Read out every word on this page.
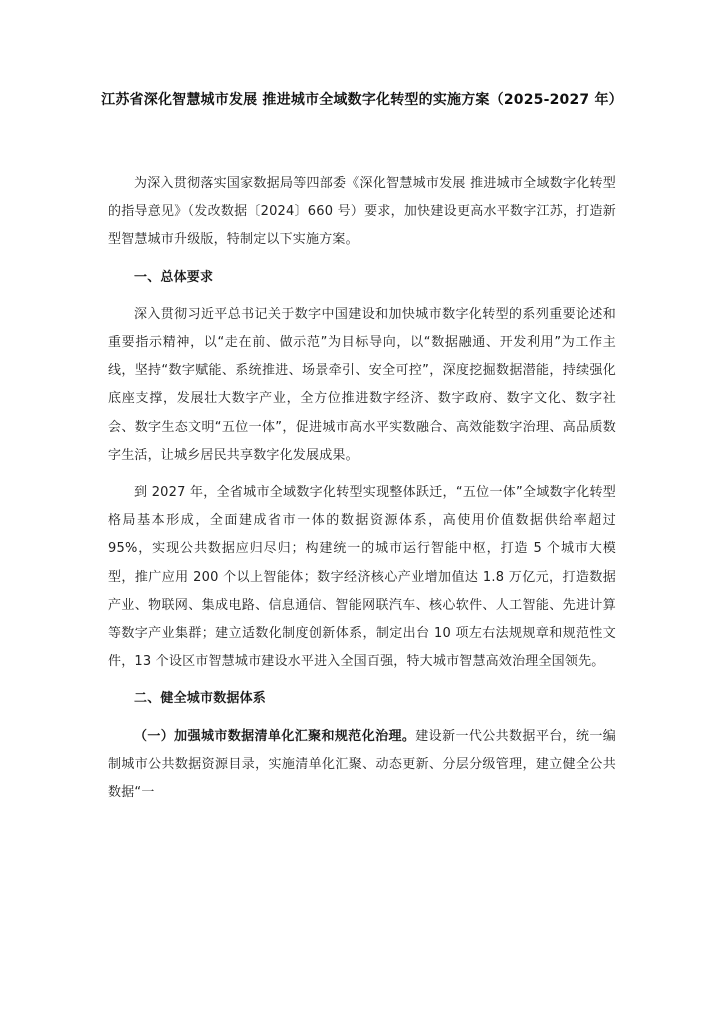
江苏省深化智慧城市发展 推进城市全域数字化转型的实施方案（2025-2027 年）

为深入贯彻落实国家数据局等四部委《深化智慧城市发展 推进城市全域数字化转型的指导意见》（发改数据〔2024〕660 号）要求，加快建设更高水平数字江苏，打造新型智慧城市升级版，特制定以下实施方案。

一、总体要求

深入贯彻习近平总书记关于数字中国建设和加快城市数字化转型的系列重要论述和重要指示精神，以“走在前、做示范”为目标导向，以“数据融通、开发利用”为工作主线，坚持“数字赋能、系统推进、场景牵引、安全可控”，深度挖掘数据潜能，持续强化底座支撑，发展壮大数字产业，全方位推进数字经济、数字政府、数字文化、数字社会、数字生态文明“五位一体”，促进城市高水平实数融合、高效能数字治理、高品质数字生活，让城乡居民共享数字化发展成果。

到 2027 年，全省城市全域数字化转型实现整体跃迁，“五位一体”全域数字化转型格局基本形成，全面建成省市一体的数据资源体系，高使用价值数据供给率超过 95%，实现公共数据应归尽归；构建统一的城市运行智能中枢，打造 5 个城市大模型，推广应用 200 个以上智能体；数字经济核心产业增加值达 1.8 万亿元，打造数据产业、物联网、集成电路、信息通信、智能网联汽车、核心软件、人工智能、先进计算等数字产业集群；建立适数化制度创新体系，制定出台 10 项左右法规规章和规范性文件，13 个设区市智慧城市建设水平进入全国百强，特大城市智慧高效治理全国领先。

二、健全城市数据体系

（一）加强城市数据清单化汇聚和规范化治理。建设新一代公共数据平台，统一编制城市公共数据资源目录，实施清单化汇聚、动态更新、分层分级管理，建立健全公共数据“一
